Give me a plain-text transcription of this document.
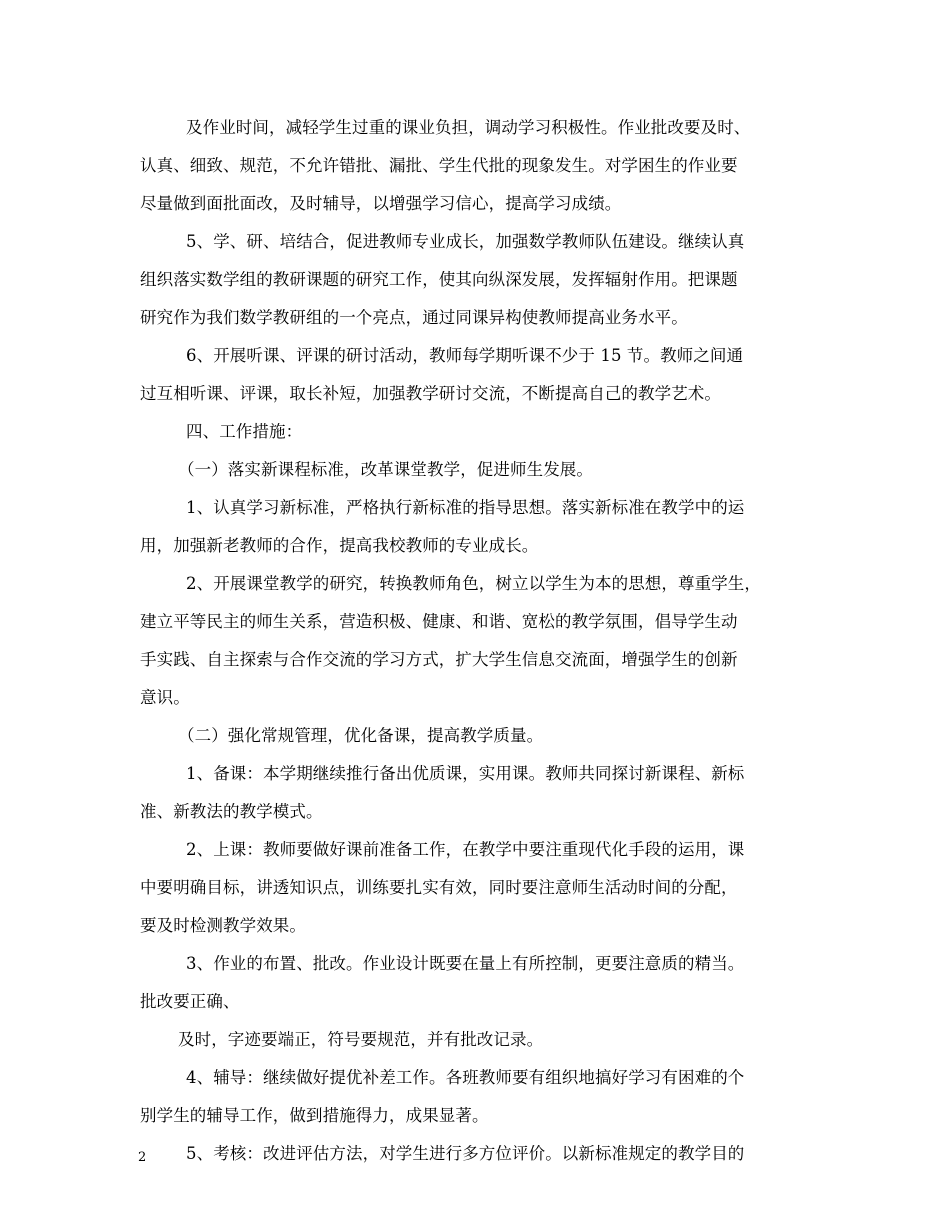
及作业时间，减轻学生过重的课业负担，调动学习积极性。作业批改要及时、
认真、细致、规范，不允许错批、漏批、学生代批的现象发生。对学困生的作业要
尽量做到面批面改，及时辅导，以增强学习信心，提高学习成绩。
5、学、研、培结合，促进教师专业成长，加强数学教师队伍建设。继续认真
组织落实数学组的教研课题的研究工作，使其向纵深发展，发挥辐射作用。把课题
研究作为我们数学教研组的一个亮点，通过同课异构使教师提高业务水平。
6、开展听课、评课的研讨活动，教师每学期听课不少于 15 节。教师之间通
过互相听课、评课，取长补短，加强教学研讨交流，不断提高自己的教学艺术。
四、工作措施：
（一）落实新课程标准，改革课堂教学，促进师生发展。
1、认真学习新标准，严格执行新标准的指导思想。落实新标准在教学中的运
用，加强新老教师的合作，提高我校教师的专业成长。
2、开展课堂教学的研究，转换教师角色，树立以学生为本的思想，尊重学生，
建立平等民主的师生关系，营造积极、健康、和谐、宽松的教学氛围，倡导学生动
手实践、自主探索与合作交流的学习方式，扩大学生信息交流面，增强学生的创新
意识。
（二）强化常规管理，优化备课，提高教学质量。
1、备课：本学期继续推行备出优质课，实用课。教师共同探讨新课程、新标
准、新教法的教学模式。
2、上课：教师要做好课前准备工作，在教学中要注重现代化手段的运用，课
中要明确目标，讲透知识点，训练要扎实有效，同时要注意师生活动时间的分配，
要及时检测教学效果。
3、作业的布置、批改。作业设计既要在量上有所控制，更要注意质的精当。
批改要正确、
及时，字迹要端正，符号要规范，并有批改记录。
4、辅导：继续做好提优补差工作。各班教师要有组织地搞好学习有困难的个
别学生的辅导工作，做到措施得力，成果显著。
5、考核：改进评估方法，对学生进行多方位评价。以新标准规定的教学目的
2
